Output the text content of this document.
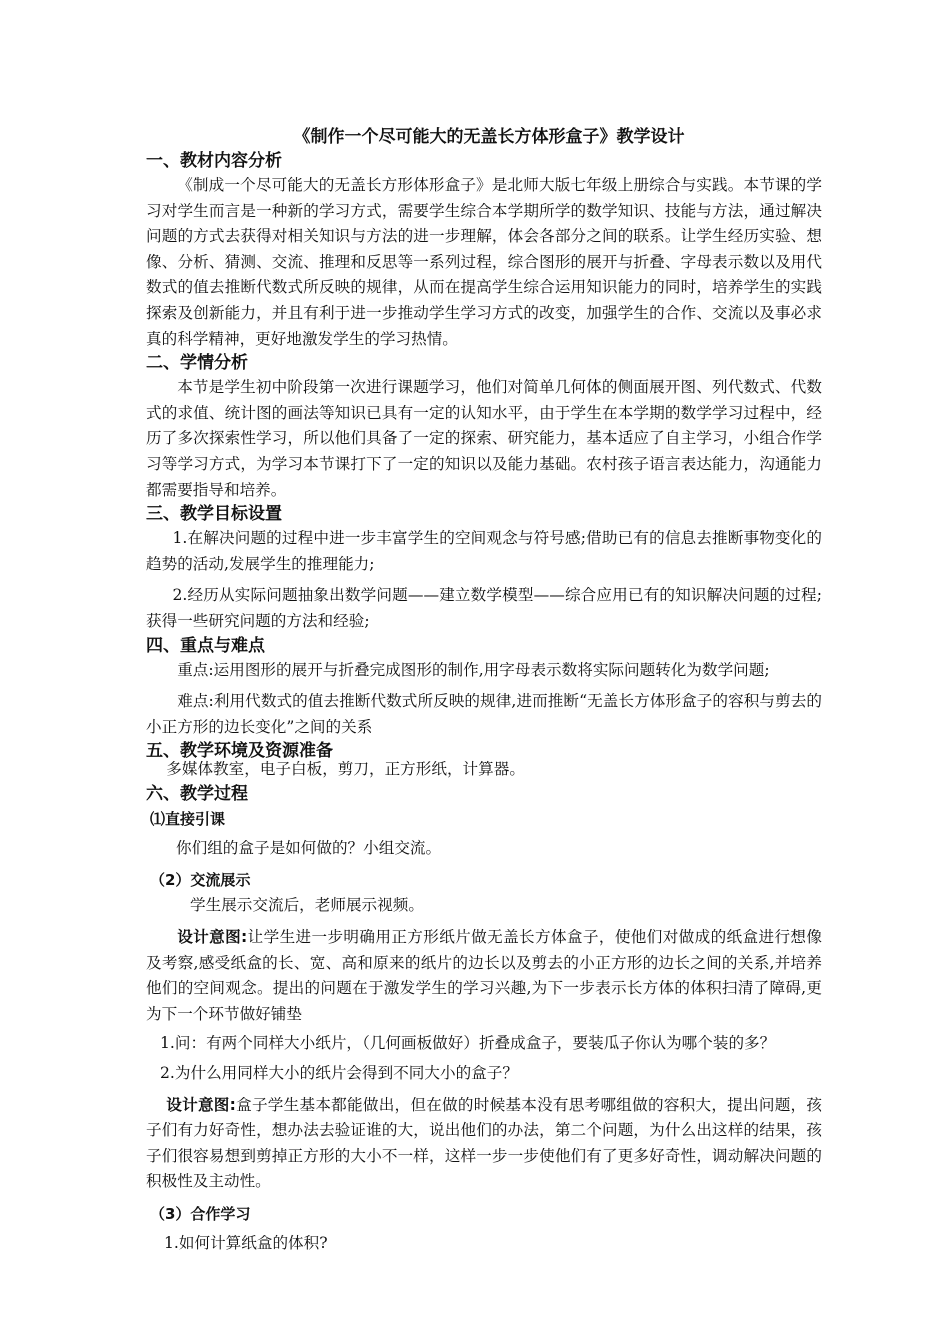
《制作一个尽可能大的无盖长方体形盒子》教学设计
一、教材内容分析

《制成一个尽可能大的无盖长方形体形盒子》是北师大版七年级上册综合与实践。本节课的学习对学生而言是一种新的学习方式，需要学生综合本学期所学的数学知识、技能与方法，通过解决问题的方式去获得对相关知识与方法的进一步理解，体会各部分之间的联系。让学生经历实验、想像、分析、猜测、交流、推理和反思等一系列过程，综合图形的展开与折叠、字母表示数以及用代数式的值去推断代数式所反映的规律，从而在提高学生综合运用知识能力的同时，培养学生的实践探索及创新能力，并且有利于进一步推动学生学习方式的改变，加强学生的合作、交流以及事必求真的科学精神，更好地激发学生的学习热情。

二、学情分析

本节是学生初中阶段第一次进行课题学习，他们对简单几何体的侧面展开图、列代数式、代数式的求值、统计图的画法等知识已具有一定的认知水平，由于学生在本学期的数学学习过程中，经历了多次探索性学习，所以他们具备了一定的探索、研究能力，基本适应了自主学习，小组合作学习等学习方式，为学习本节课打下了一定的知识以及能力基础。农村孩子语言表达能力，沟通能力都需要指导和培养。

三、教学目标设置

1.在解决问题的过程中进一步丰富学生的空间观念与符号感;借助已有的信息去推断事物变化的趋势的活动,发展学生的推理能力;

2.经历从实际问题抽象出数学问题——建立数学模型——综合应用已有的知识解决问题的过程;获得一些研究问题的方法和经验;

四、重点与难点

重点:运用图形的展开与折叠完成图形的制作,用字母表示数将实际问题转化为数学问题;

难点:利用代数式的值去推断代数式所反映的规律,进而推断“无盖长方体形盒子的容积与剪去的小正方形的边长变化”之间的关系

五、教学环境及资源准备

多媒体教室，电子白板，剪刀，正方形纸，计算器。

六、教学过程
⑴直接引课

你们组的盒子是如何做的？小组交流。

（2）交流展示

学生展示交流后，老师展示视频。

设计意图:让学生进一步明确用正方形纸片做无盖长方体盒子，使他们对做成的纸盒进行想像及考察,感受纸盒的长、宽、高和原来的纸片的边长以及剪去的小正方形的边长之间的关系,并培养他们的空间观念。提出的问题在于激发学生的学习兴趣,为下一步表示长方体的体积扫清了障碍,更为下一个环节做好铺垫

1.问：有两个同样大小纸片，（几何画板做好）折叠成盒子，要装瓜子你认为哪个装的多？

2.为什么用同样大小的纸片会得到不同大小的盒子？

设计意图:盒子学生基本都能做出，但在做的时候基本没有思考哪组做的容积大，提出问题，孩子们有力好奇性，想办法去验证谁的大，说出他们的办法，第二个问题，为什么出这样的结果，孩子们很容易想到剪掉正方形的大小不一样，这样一步一步使他们有了更多好奇性，调动解决问题的积极性及主动性。

（3）合作学习

1.如何计算纸盒的体积?
